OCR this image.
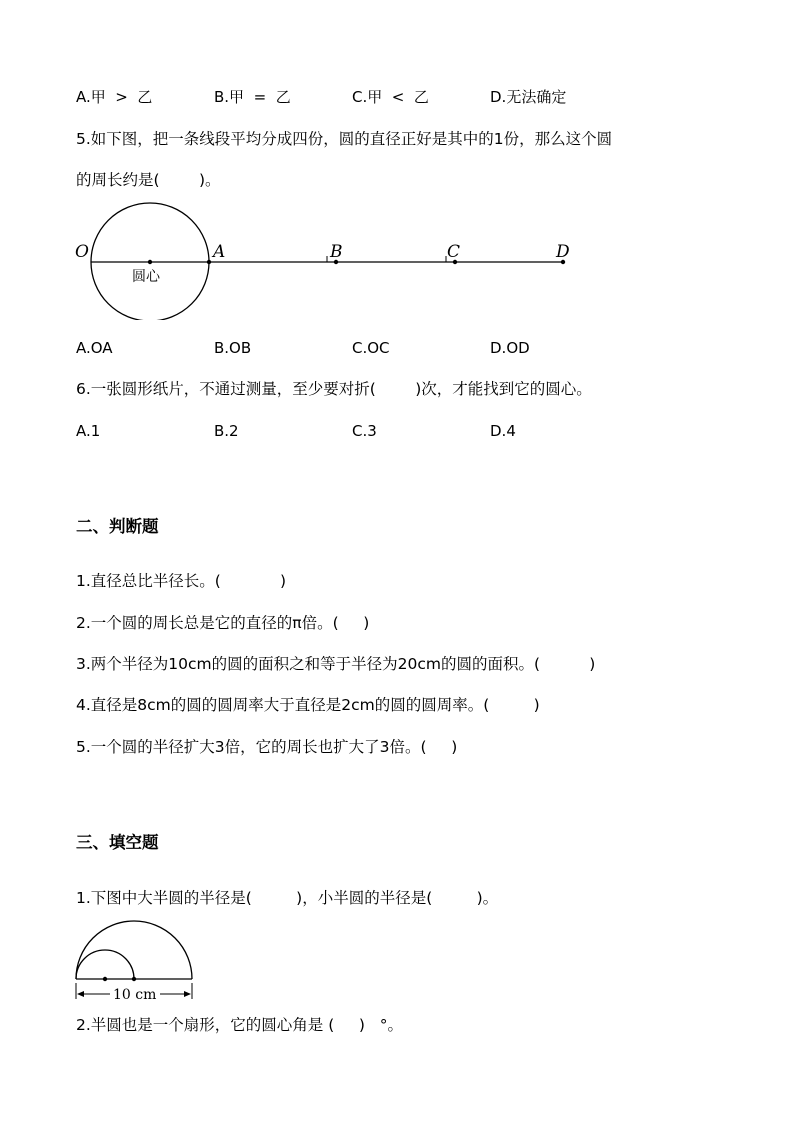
A.甲  >  乙	B.甲  =  乙	C.甲  <  乙	D.无法确定
5.如下图，把一条线段平均分成四份，圆的直径正好是其中的1份，那么这个圆
的周长约是(        )。
O	A	B	C	D
圆心
A.OA	B.OB	C.OC	D.OD
6.一张圆形纸片，不通过测量，至少要对折(        )次，才能找到它的圆心。
A.1	B.2	C.3	D.4
二、判断题
1.直径总比半径长。(            )
2.一个圆的周长总是它的直径的π倍。(     )
3.两个半径为10cm的圆的面积之和等于半径为20cm的圆的面积。(          )
4.直径是8cm的圆的圆周率大于直径是2cm的圆的圆周率。(         )
5.一个圆的半径扩大3倍，它的周长也扩大了3倍。(     )
三、填空题
1.下图中大半圆的半径是(         )，小半圆的半径是(         )。
10 cm
2.半圆也是一个扇形，它的圆心角是 (     )   °。
